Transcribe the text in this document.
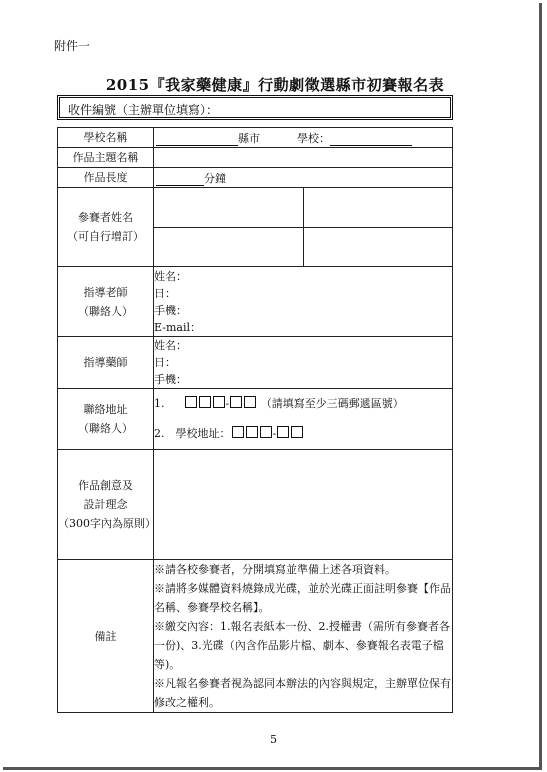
附件一
2015『我家藥健康』行動劇徵選縣市初賽報名表
收件編號（主辦單位填寫）：
學校名稱	縣市	學校：
作品主題名稱	
作品長度	分鐘

參賽者姓名
（可自行增訂）

指導老師
（聯絡人）

姓名：
日：
手機：
E-mail：

指導藥師	
姓名：
日：
手機：

聯絡地址
（聯絡人）

1.	-	（請填寫至少三碼郵遞區號）
2.　學校地址：	-

作品創意及
設計理念
（300字內為原則）

備註	
※請各校參賽者，分開填寫並準備上述各項資料。
※請將多媒體資料燒錄成光碟，並於光碟正面註明參賽【作品名稱、參賽學校名稱】。
※繳交內容：1.報名表紙本一份、2.授權書（需所有參賽者各一份)、3.光碟（內含作品影片檔、劇本、參賽報名表電子檔等)。
※凡報名參賽者視為認同本辦法的內容與規定，主辦單位保有修改之權利。
5
